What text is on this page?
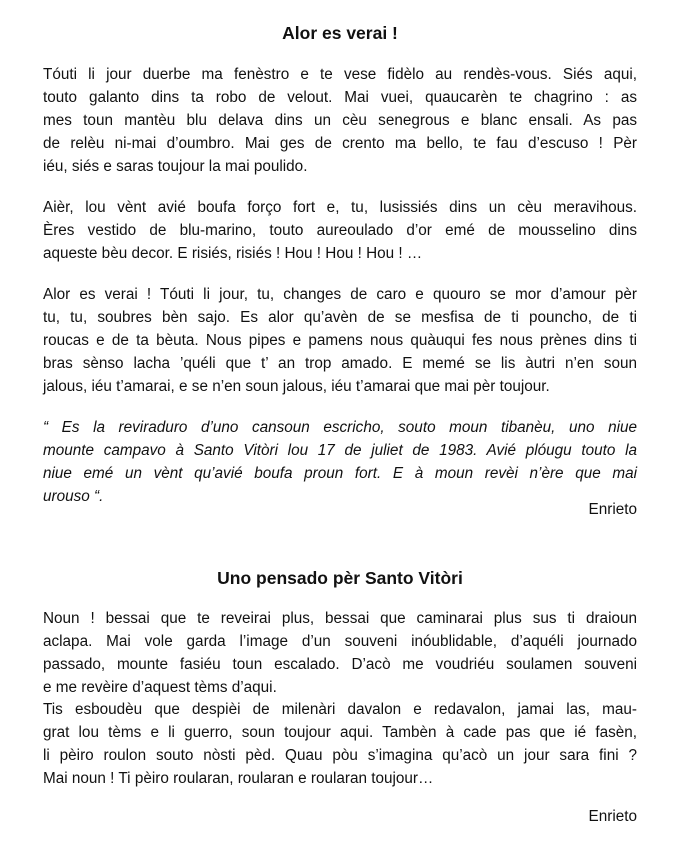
Alor es verai !

Tóuti li jour duerbe ma fenèstro e te vese fidèlo au rendès-vous. Siés aqui,

touto galanto dins ta robo de velout. Mai vuei, quaucarèn te chagrino : as

mes toun mantèu blu delava dins un cèu senegrous e blanc ensali. As pas

de relèu ni-mai d’oumbro. Mai ges de crento ma bello, te fau d’escuso ! Pèr

iéu, siés e saras toujour la mai poulido.

Aièr, lou vènt avié boufa forço fort e, tu, lusissiés dins un cèu meravihous.

Ères vestido de blu-marino, touto aureoulado d’or emé de mousselino dins

aqueste bèu decor. E risiés, risiés ! Hou ! Hou ! Hou ! …

Alor es verai ! Tóuti li jour, tu, changes de caro e quouro se mor d’amour pèr

tu, tu, soubres bèn sajo. Es alor qu’avèn de se mesfisa de ti pouncho, de ti

roucas e de ta bèuta. Nous pipes e pamens nous quàuqui fes nous prènes dins ti

bras sènso lacha ’quéli que t’ an trop amado. E memé se lis àutri n’en soun

jalous, iéu t’amarai, e se n’en soun jalous, iéu t’amarai que mai pèr toujour.

“ Es la reviraduro d’uno cansoun escricho, souto moun tibanèu, uno niue

mounte campavo à Santo Vitòri lou 17 de juliet de 1983. Avié plóugu touto la

niue emé un vènt qu’avié boufa proun fort. E à moun revèi n’ère que mai

urouso “.

Enrieto

Uno pensado pèr Santo Vitòri

Noun ! bessai que te reveirai plus, bessai que caminarai plus sus ti draioun

aclapa. Mai vole garda l’image d’un souveni inóublidable, d’aquéli journado

passado, mounte fasiéu toun escalado. D’acò me voudriéu soulamen souveni

e me revèire d’aquest tèms d’aqui.

Tis esboudèu que despièi de milenàri davalon e redavalon, jamai las, mau-

grat lou tèms e li guerro, soun toujour aqui. Tambèn à cade pas que ié fasèn,

li pèiro roulon souto nòsti pèd. Quau pòu s’imagina qu’acò un jour sara fini ?

Mai noun ! Ti pèiro roularan, roularan e roularan toujour…

Enrieto
